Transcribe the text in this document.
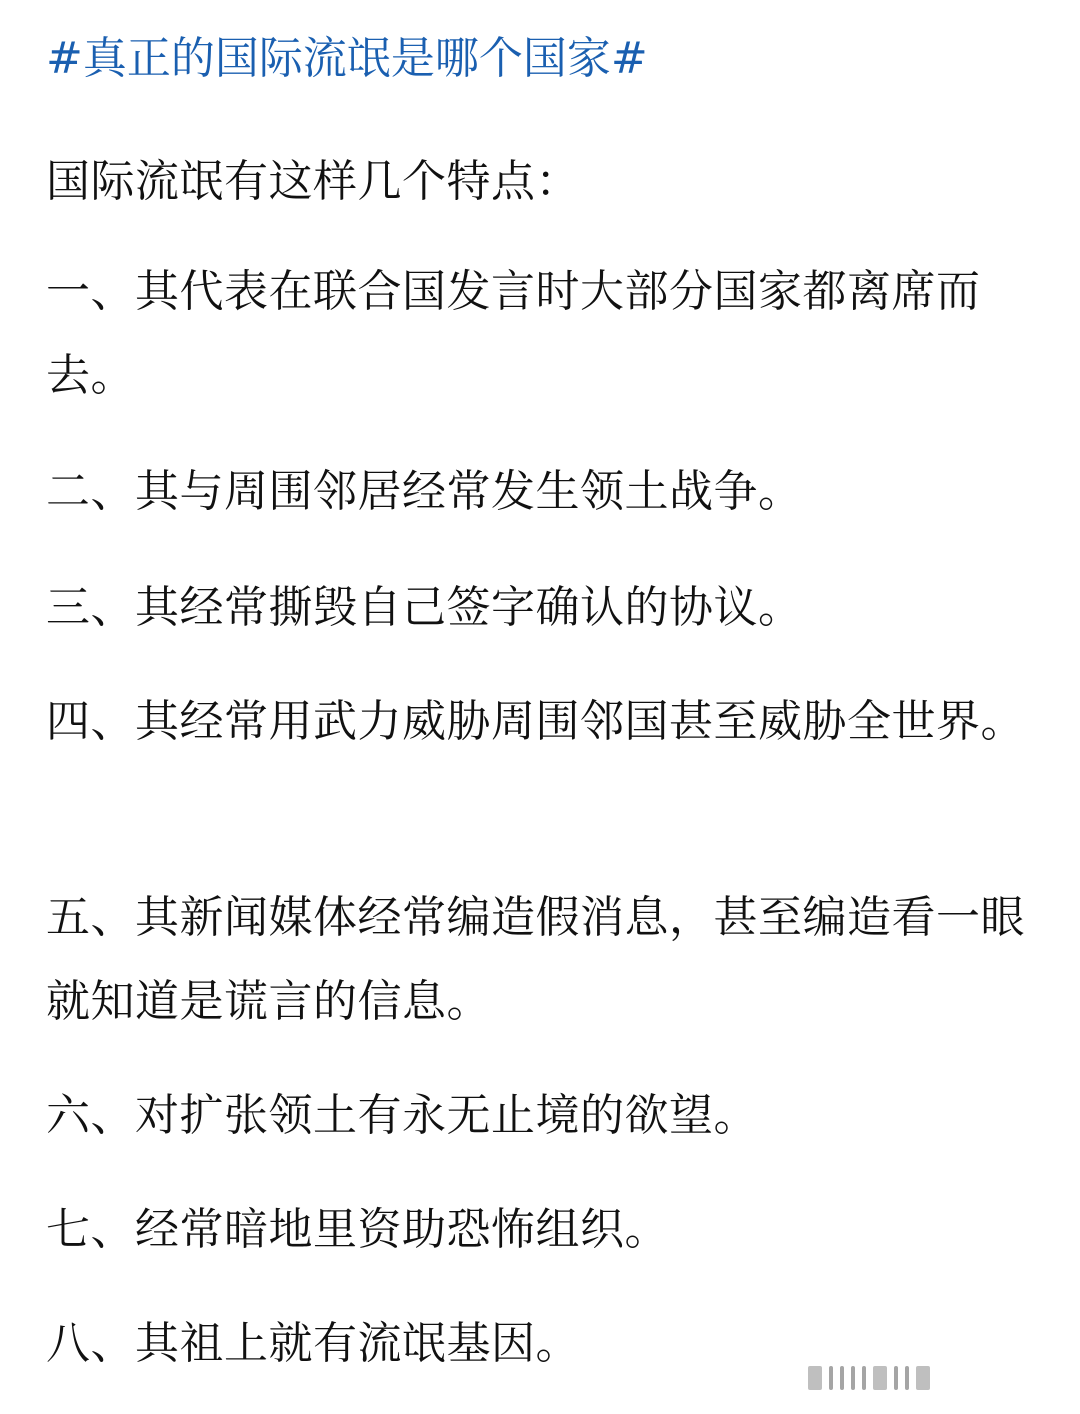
#真正的国际流氓是哪个国家#
国际流氓有这样几个特点：
一、其代表在联合国发言时大部分国家都离席而去。
二、其与周围邻居经常发生领土战争。
三、其经常撕毁自己签字确认的协议。
四、其经常用武力威胁周围邻国甚至威胁全世界。
五、其新闻媒体经常编造假消息，甚至编造看一眼就知道是谎言的信息。
六、对扩张领土有永无止境的欲望。
七、经常暗地里资助恐怖组织。
八、其祖上就有流氓基因。
